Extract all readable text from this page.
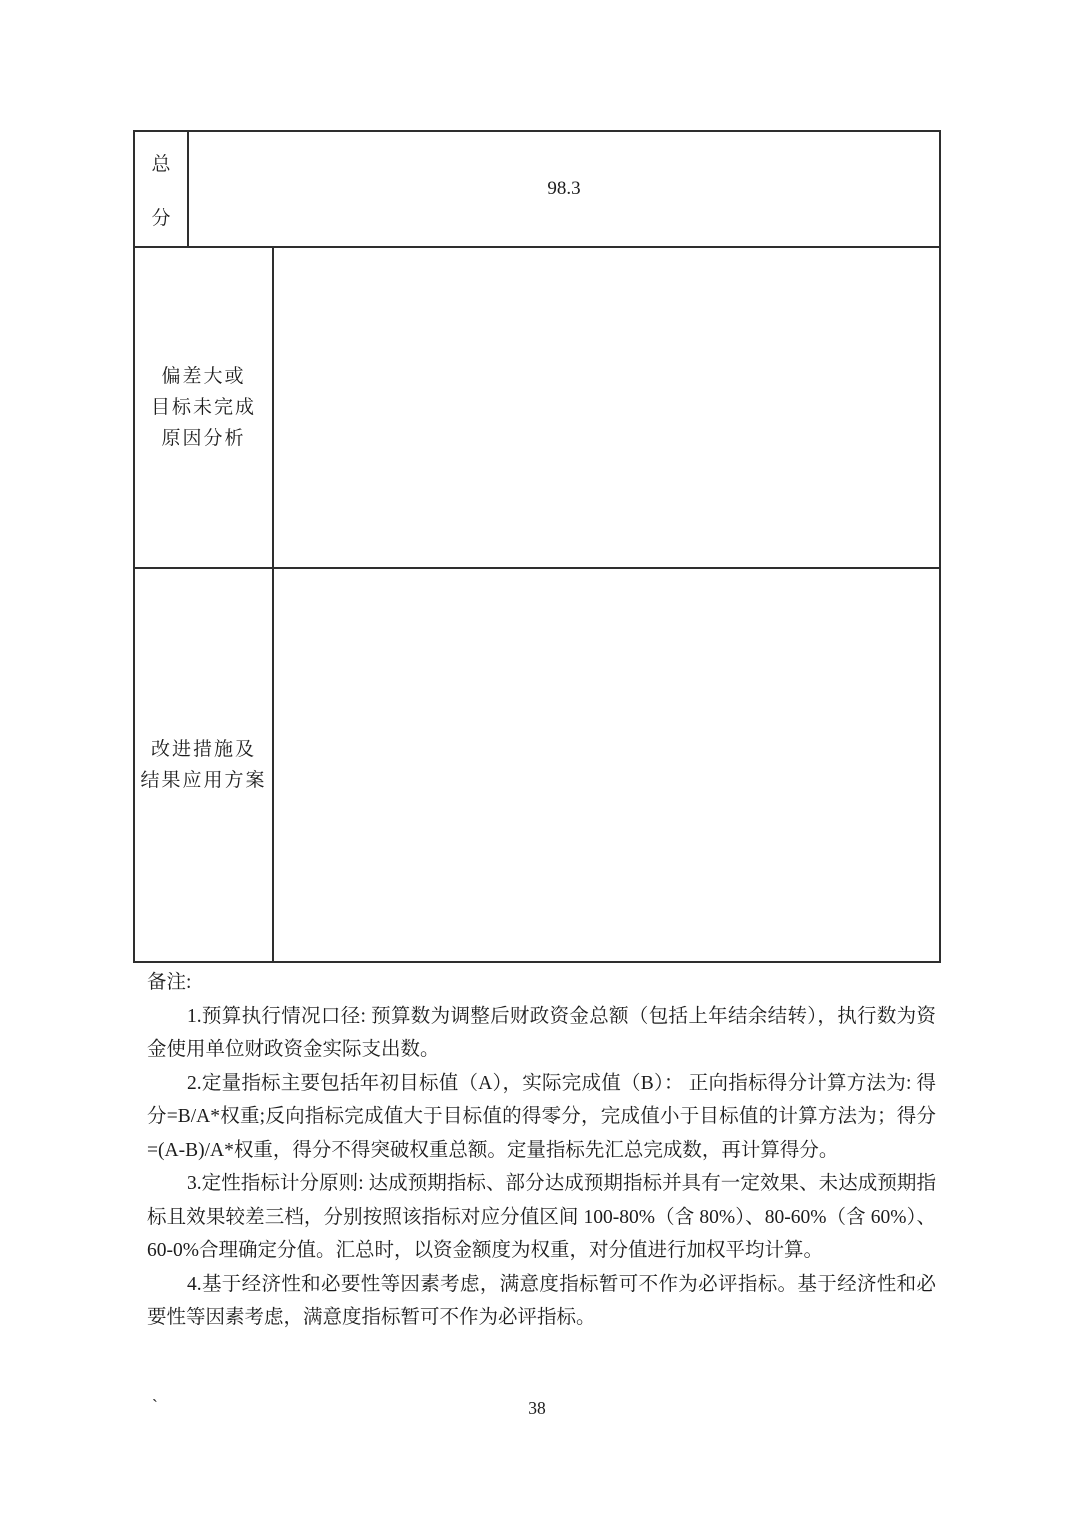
总
分
98.3
偏差大或
目标未完成
原因分析
改进措施及
结果应用方案

备注:

1.预算执行情况口径: 预算数为调整后财政资金总额（包括上年结余结转），执行数为资金使用单位财政资金实际支出数。

2.定量指标主要包括年初目标值（A），实际完成值（B）： 正向指标得分计算方法为: 得分=B/A*权重;反向指标完成值大于目标值的得零分，完成值小于目标值的计算方法为；得分=(A-B)/A*权重，得分不得突破权重总额。定量指标先汇总完成数，再计算得分。

3.定性指标计分原则: 达成预期指标、部分达成预期指标并具有一定效果、未达成预期指标且效果较差三档，分别按照该指标对应分值区间 100-80%（含 80%）、80-60%（含 60%）、60-0%合理确定分值。汇总时，以资金额度为权重，对分值进行加权平均计算。

4.基于经济性和必要性等因素考虑，满意度指标暂可不作为必评指标。基于经济性和必要性等因素考虑，满意度指标暂可不作为必评指标。

`	38
